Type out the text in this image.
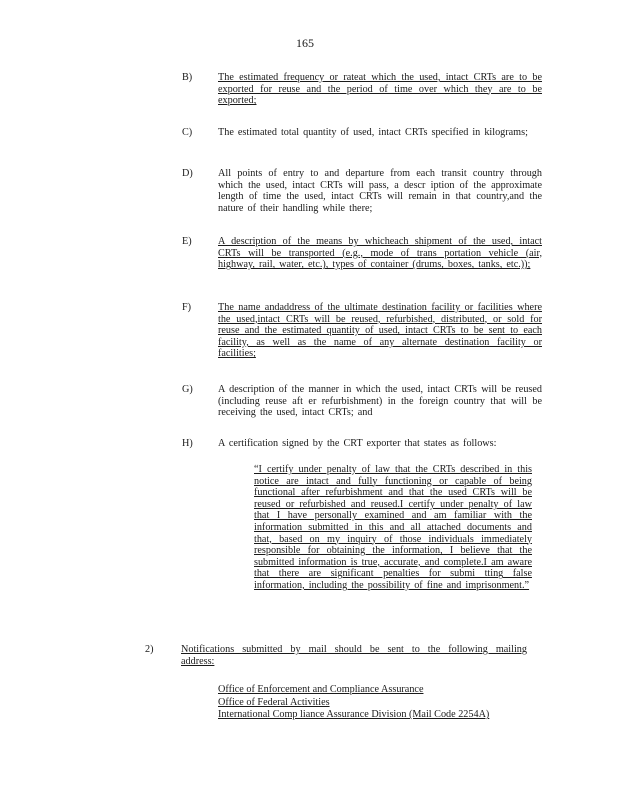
165
B)	The estimated frequency or rateat which the used, intact CRTs are to be exported for reuse and the period of time over which they are to be exported;
C)	The estimated total quantity of used, intact CRTs specified in kilograms;
D)	All points of entry to and departure from each transit country through which the used, intact CRTs will pass, a descr iption of the approximate length of time the used, intact CRTs will remain in that country,and the nature of their handling while there;
E)	A description of the means by whicheach shipment of the used, intact CRTs will be transported (e.g., mode of trans portation vehicle (air, highway, rail, water, etc.), types of container (drums, boxes, tanks, etc.));
F)	The name andaddress of the ultimate destination facility or facilities where the used,intact CRTs will be reused, refurbished, distributed, or sold for reuse and the estimated quantity of used, intact CRTs to be sent to each facility, as well as the name of any alternate destination facility or facilities;
G)	A description of the manner in which the used, intact CRTs will be reused (including reuse aft er refurbishment) in the foreign country that will be receiving the used, intact CRTs; and
H)	A certification signed by the CRT exporter that states as follows:
“I certify under penalty of law that the CRTs described in this notice are intact and fully functioning or capable of being functional after refurbishment and that the used CRTs will be reused or refurbished and reused.I certify under penalty of law that I have personally examined and am familiar with the information submitted in this and all attached documents and that, based on my inquiry of those individuals immediately responsible for obtaining the information, I believe that the submitted information is true, accurate, and complete.I am aware that there are significant penalties for submi tting false information, including the possibility of fine and imprisonment.”
2)	Notifications submitted by mail should be sent to the following mailing address:
Office of Enforcement and Compliance Assurance
Office of Federal Activities
International Comp liance Assurance Division (Mail Code 2254A)
